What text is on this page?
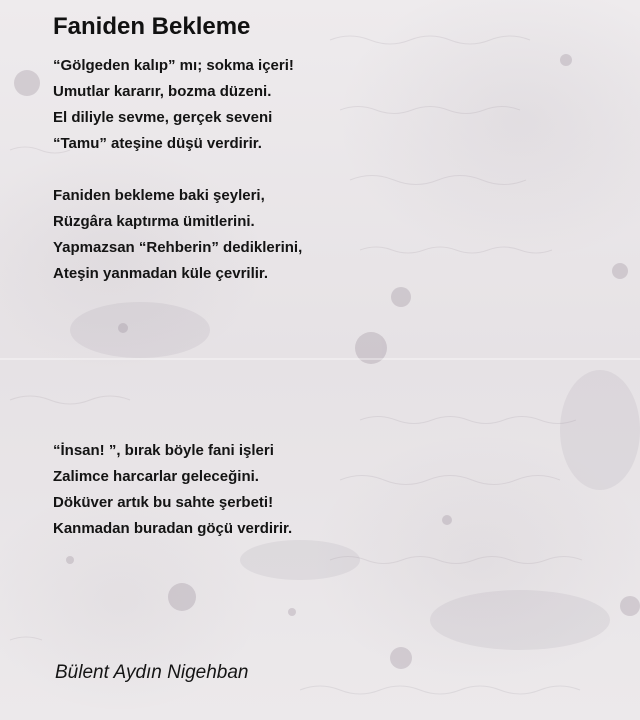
Faniden Bekleme
“Gölgeden kalıp” mı; sokma içeri!
Umutlar kararır, bozma düzeni.
El diliyle sevme, gerçek seveni
“Tamu” ateşine düşü verdirir.
Faniden bekleme baki şeyleri,
Rüzgâra kaptırma ümitlerini.
Yapmazsan “Rehberin” dediklerini,
Ateşin yanmadan küle çevrilir.
“İnsan! ”, bırak böyle fani işleri
Zalimce harcarlar geleceğini.
Döküver artık bu sahte şerbeti!
Kanmadan buradan göçü verdirir.
Bülent Aydın Nigehban
